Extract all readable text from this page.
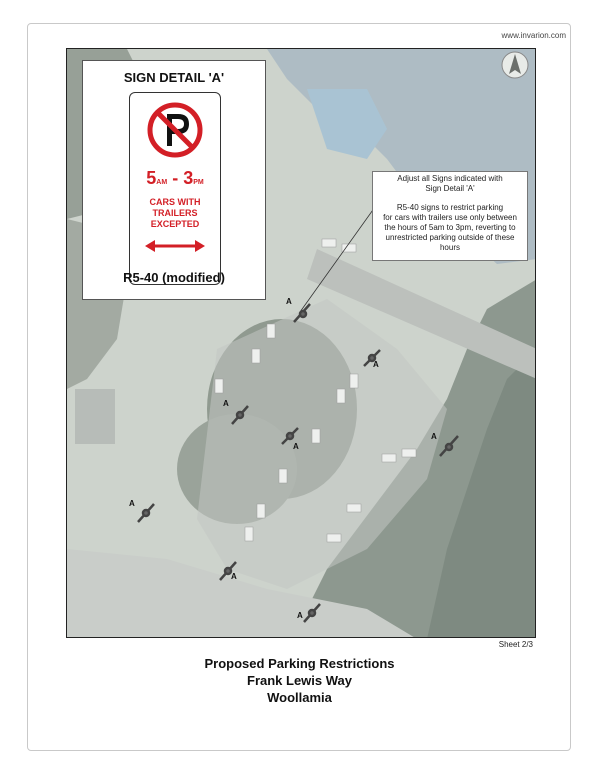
www.invarion.com
SIGN DETAIL 'A'
5AM - 3PM
CARS WITH
TRAILERS
EXCEPTED
R5-40 (modified)

Adjust all Signs indicated with

Sign Detail 'A'

R5-40 signs to restrict parking

for cars with trailers use only between

the hours of 5am to 3pm, reverting to

unrestricted parking outside of these

hours

A
A
A
A
A
A
A
A
Sheet 2/3
Proposed Parking Restrictions
Frank Lewis Way
Woollamia
